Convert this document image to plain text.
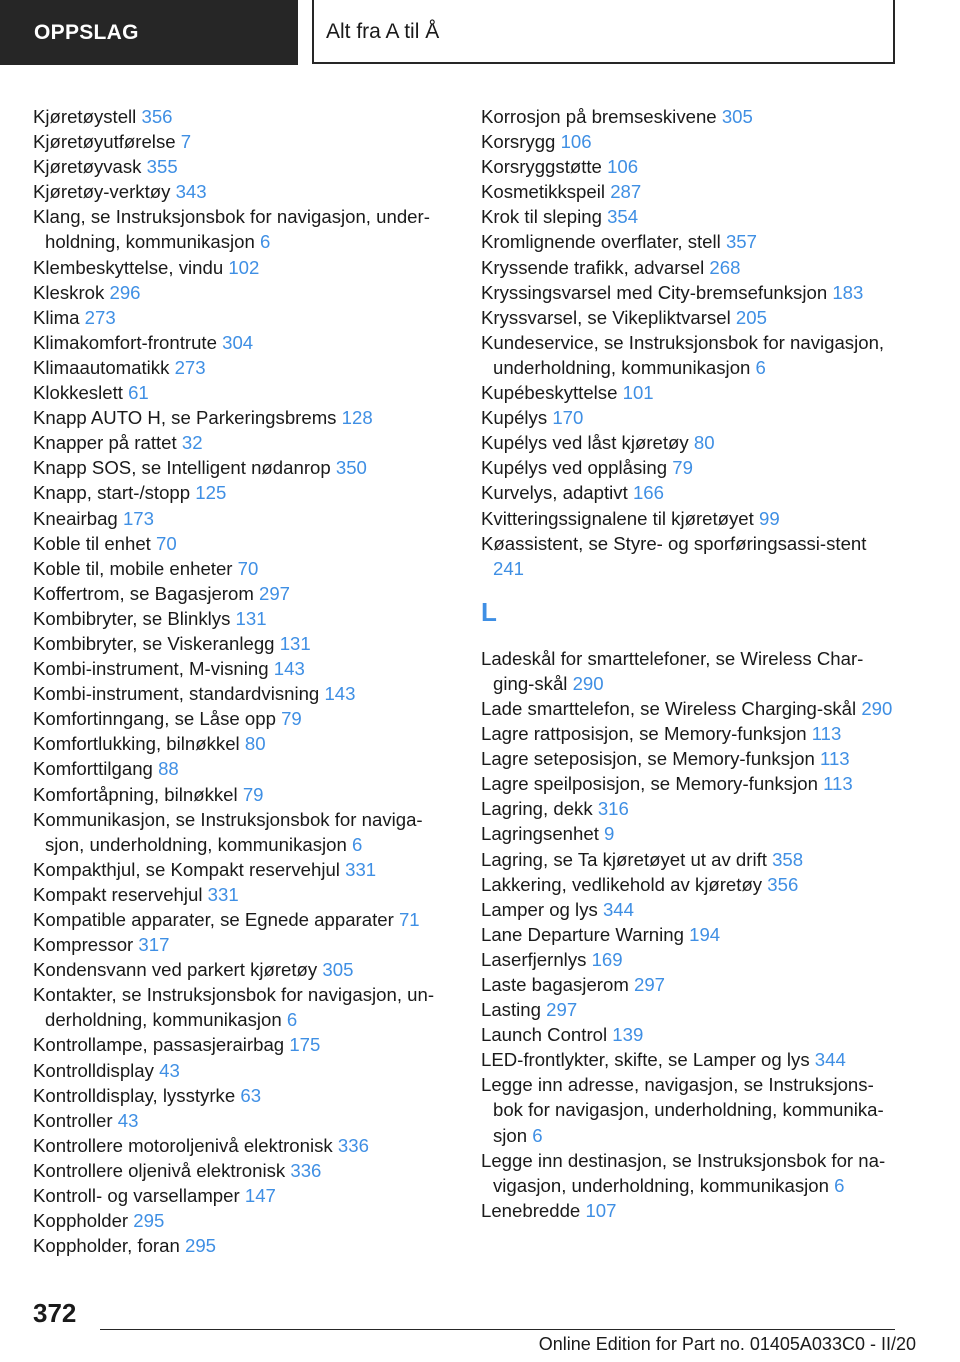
OPPSLAG	Alt fra A til Å
Kjøretøystell 356
Kjøretøyutførelse 7
Kjøretøyvask 355
Kjøretøy-verktøy 343
Klang, se Instruksjonsbok for navigasjon, under-holdning, kommunikasjon 6
Klembeskyttelse, vindu 102
Kleskrok 296
Klima 273
Klimakomfort-frontrute 304
Klimaautomatikk 273
Klokkeslett 61
Knapp AUTO H, se Parkeringsbrems 128
Knapper på rattet 32
Knapp SOS, se Intelligent nødanrop 350
Knapp, start-/stopp 125
Kneairbag 173
Koble til enhet 70
Koble til, mobile enheter 70
Koffertrom, se Bagasjerom 297
Kombibryter, se Blinklys 131
Kombibryter, se Viskeranlegg 131
Kombi-instrument, M-visning 143
Kombi-instrument, standardvisning 143
Komfortinngang, se Låse opp 79
Komfortlukking, bilnøkkel 80
Komforttilgang 88
Komfortåpning, bilnøkkel 79
Kommunikasjon, se Instruksjonsbok for naviga-sjon, underholdning, kommunikasjon 6
Kompakthjul, se Kompakt reservehjul 331
Kompakt reservehjul 331
Kompatible apparater, se Egnede apparater 71
Kompressor 317
Kondensvann ved parkert kjøretøy 305
Kontakter, se Instruksjonsbok for navigasjon, un-derholdning, kommunikasjon 6
Kontrollampe, passasjerairbag 175
Kontrolldisplay 43
Kontrolldisplay, lysstyrke 63
Kontroller 43
Kontrollere motoroljenivå elektronisk 336
Kontrollere oljenivå elektronisk 336
Kontroll- og varsellamper 147
Koppholder 295
Koppholder, foran 295
Korrosjon på bremseskivene 305
Korsrygg 106
Korsryggstøtte 106
Kosmetikkspeil 287
Krok til sleping 354
Kromlignende overflater, stell 357
Kryssende trafikk, advarsel 268
Kryssingsvarsel med City-bremsefunksjon 183
Kryssvarsel, se Vikepliktvarsel 205
Kundeservice, se Instruksjonsbok for navigasjon, underholdning, kommunikasjon 6
Kupébeskyttelse 101
Kupélys 170
Kupélys ved låst kjøretøy 80
Kupélys ved opplåsing 79
Kurvelys, adaptivt 166
Kvitteringssignalene til kjøretøyet 99
Køassistent, se Styre- og sporføringsassi-stent 241
L
Ladeskål for smarttelefoner, se Wireless Char-ging-skål 290
Lade smarttelefon, se Wireless Charging-skål 290
Lagre rattposisjon, se Memory-funksjon 113
Lagre seteposisjon, se Memory-funksjon 113
Lagre speilposisjon, se Memory-funksjon 113
Lagring, dekk 316
Lagringsenhet 9
Lagring, se Ta kjøretøyet ut av drift 358
Lakkering, vedlikehold av kjøretøy 356
Lamper og lys 344
Lane Departure Warning 194
Laserfjernlys 169
Laste bagasjerom 297
Lasting 297
Launch Control 139
LED-frontlykter, skifte, se Lamper og lys 344
Legge inn adresse, navigasjon, se Instruksjons-bok for navigasjon, underholdning, kommunika-sjon 6
Legge inn destinasjon, se Instruksjonsbok for na-vigasjon, underholdning, kommunikasjon 6
Lenebredde 107
372
Online Edition for Part no. 01405A033C0 - II/20
